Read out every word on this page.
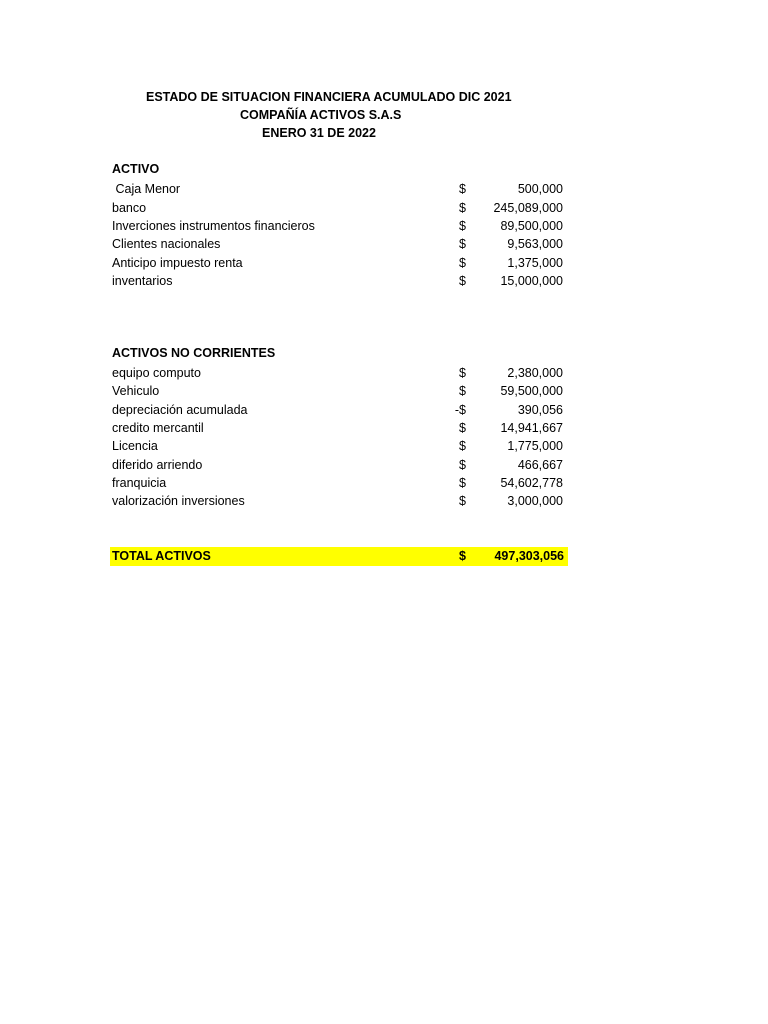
ESTADO DE SITUACION FINANCIERA ACUMULADO DIC 2021
COMPAÑÍA ACTIVOS S.A.S
ENERO 31 DE 2022
ACTIVO
Caja Menor	$	500,000
banco	$ 245,089,000
Inverciones instrumentos financieros	$	89,500,000
Clientes nacionales	$	9,563,000
Anticipo impuesto renta	$	1,375,000
inventarios	$	15,000,000
ACTIVOS NO CORRIENTES
equipo computo	$	2,380,000
Vehiculo	$	59,500,000
depreciación acumulada	-$	390,056
credito mercantil	$	14,941,667
Licencia	$	1,775,000
diferido arriendo	$	466,667
franquicia	$	54,602,778
valorización inversiones	$	3,000,000
TOTAL ACTIVOS	$ 497,303,056
